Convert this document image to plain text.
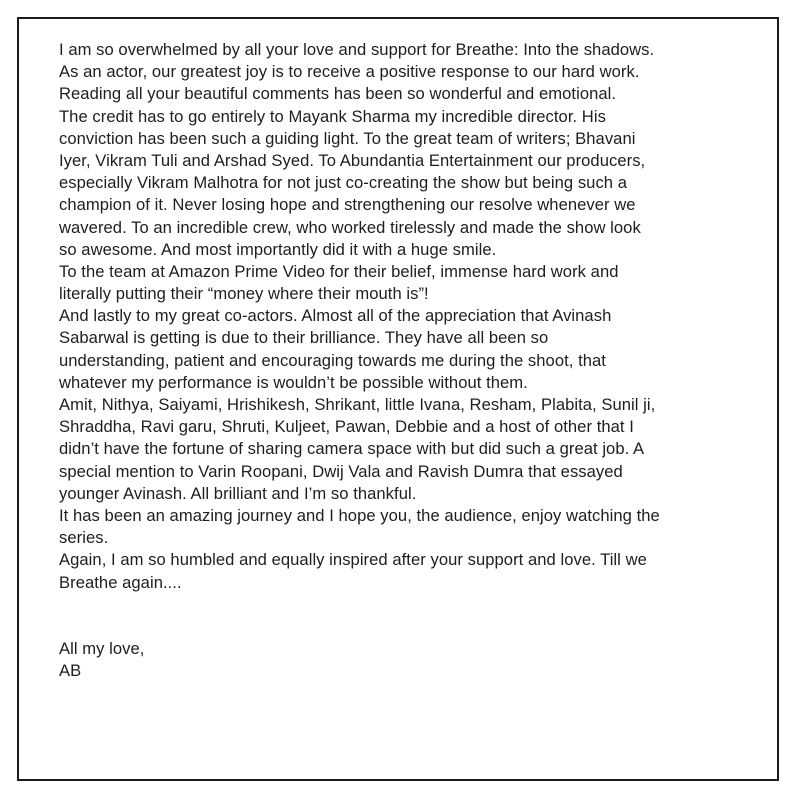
I am so overwhelmed by all your love and support for Breathe: Into the shadows.
As an actor, our greatest joy is to receive a positive response to our hard work.
Reading all your beautiful comments has been so wonderful and emotional.
The credit has to go entirely to Mayank Sharma my incredible director. His
conviction has been such a guiding light. To the great team of writers; Bhavani
Iyer, Vikram Tuli and Arshad Syed. To Abundantia Entertainment our producers,
especially Vikram Malhotra for not just co-creating the show but being such a
champion of it. Never losing hope and strengthening our resolve whenever we
wavered. To an incredible crew, who worked tirelessly and made the show look
so awesome. And most importantly did it with a huge smile.
To the team at Amazon Prime Video for their belief, immense hard work and
literally putting their “money where their mouth is”!
And lastly to my great co-actors. Almost all of the appreciation that Avinash
Sabarwal is getting is due to their brilliance. They have all been so
understanding, patient and encouraging towards me during the shoot, that
whatever my performance is wouldn’t be possible without them.
Amit, Nithya, Saiyami, Hrishikesh, Shrikant, little Ivana, Resham, Plabita, Sunil ji,
Shraddha, Ravi garu, Shruti, Kuljeet, Pawan, Debbie and a host of other that I
didn’t have the fortune of sharing camera space with but did such a great job. A
special mention to Varin Roopani, Dwij Vala and Ravish Dumra that essayed
younger Avinash. All brilliant and I’m so thankful.
It has been an amazing journey and I hope you, the audience, enjoy watching the
series.
Again, I am so humbled and equally inspired after your support and love. Till we
Breathe again....
All my love,
AB
